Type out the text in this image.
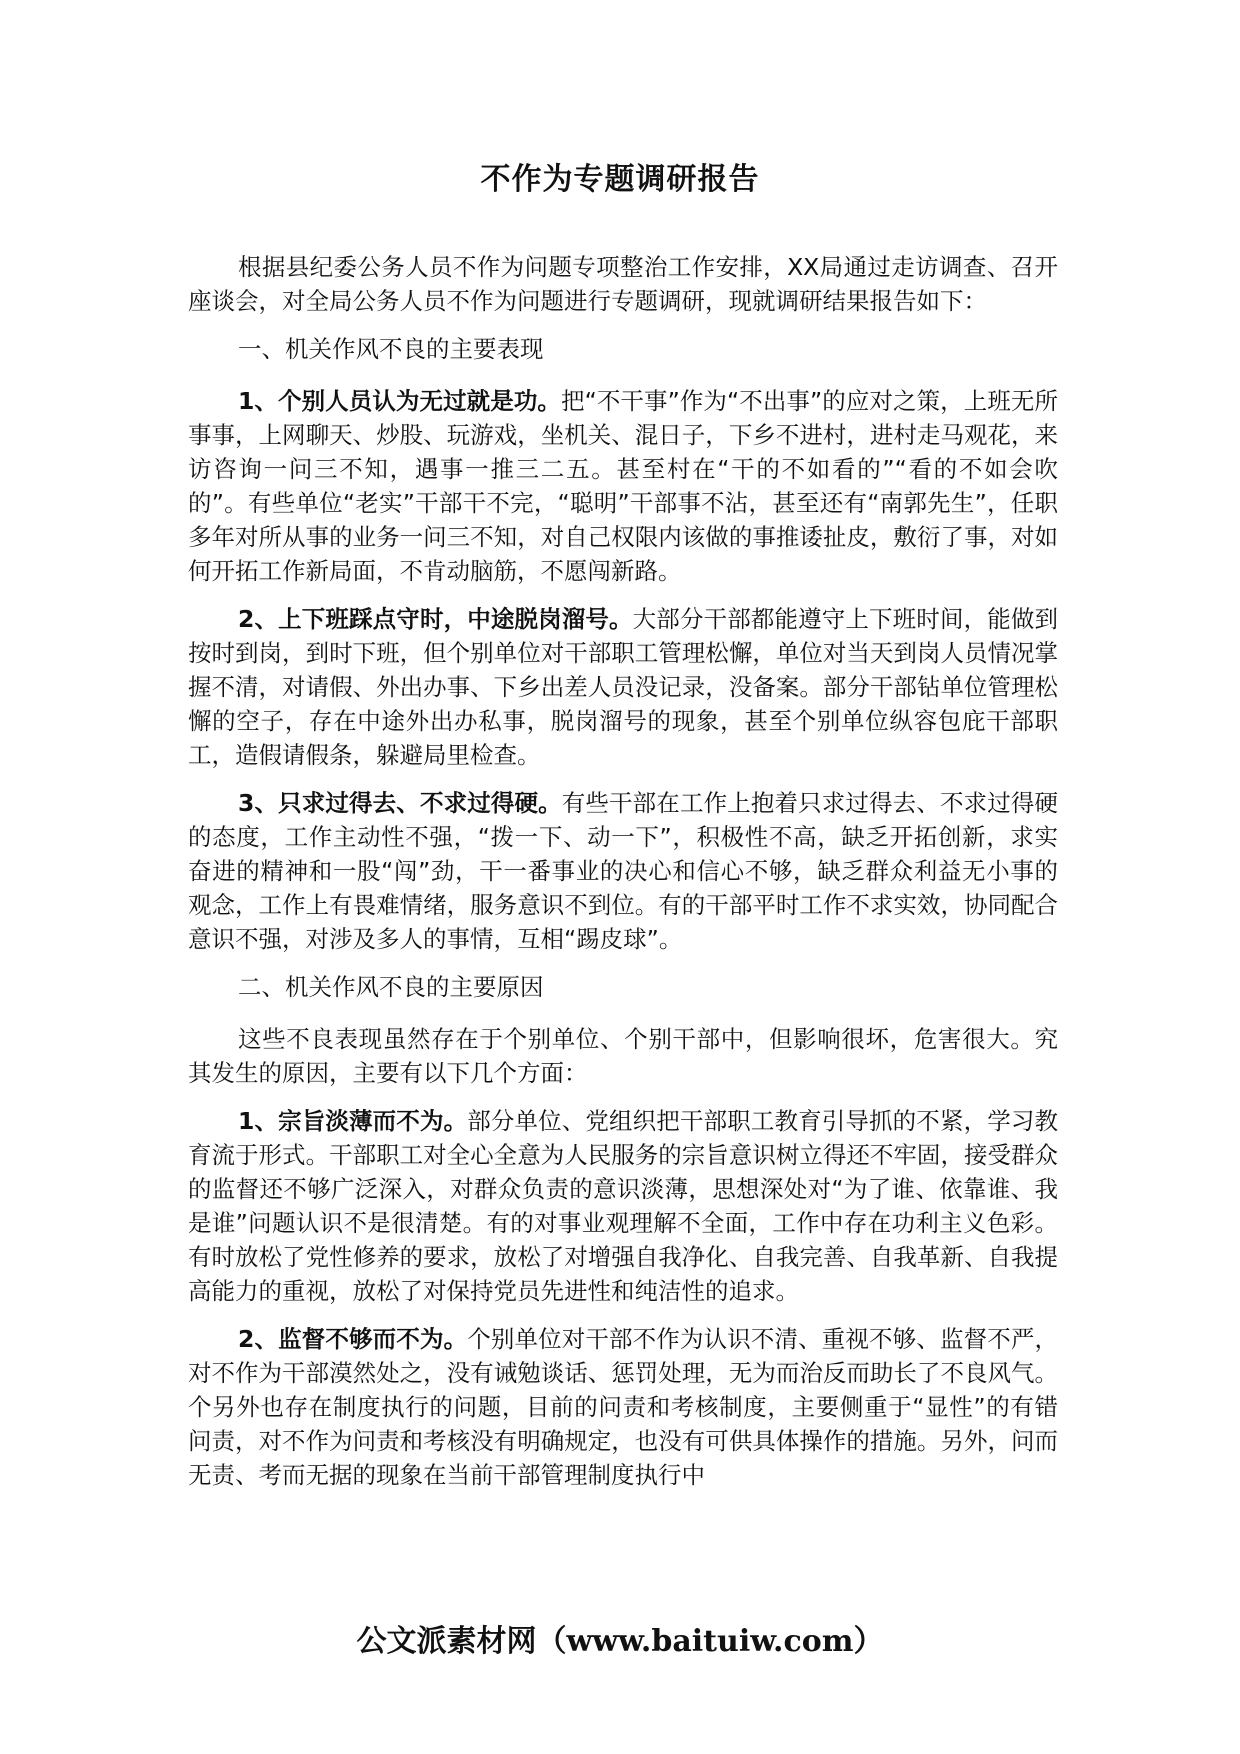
不作为专题调研报告

根据县纪委公务人员不作为问题专项整治工作安排，XX局通过走访调查、召开座谈会，对全局公务人员不作为问题进行专题调研，现就调研结果报告如下：

一、机关作风不良的主要表现

1、个别人员认为无过就是功。把“不干事”作为“不出事”的应对之策，上班无所事事，上网聊天、炒股、玩游戏，坐机关、混日子，下乡不进村，进村走马观花，来访咨询一问三不知，遇事一推三二五。甚至村在“干的不如看的”“看的不如会吹的”。有些单位“老实”干部干不完，“聪明”干部事不沾，甚至还有“南郭先生”，任职多年对所从事的业务一问三不知，对自己权限内该做的事推诿扯皮，敷衍了事，对如何开拓工作新局面，不肯动脑筋，不愿闯新路。

2、上下班踩点守时，中途脱岗溜号。大部分干部都能遵守上下班时间，能做到按时到岗，到时下班，但个别单位对干部职工管理松懈，单位对当天到岗人员情况掌握不清，对请假、外出办事、下乡出差人员没记录，没备案。部分干部钻单位管理松懈的空子，存在中途外出办私事，脱岗溜号的现象，甚至个别单位纵容包庇干部职工，造假请假条，躲避局里检查。

3、只求过得去、不求过得硬。有些干部在工作上抱着只求过得去、不求过得硬的态度，工作主动性不强，“拨一下、动一下”，积极性不高，缺乏开拓创新，求实奋进的精神和一股“闯”劲，干一番事业的决心和信心不够，缺乏群众利益无小事的观念，工作上有畏难情绪，服务意识不到位。有的干部平时工作不求实效，协同配合意识不强，对涉及多人的事情，互相“踢皮球”。

二、机关作风不良的主要原因

这些不良表现虽然存在于个别单位、个别干部中，但影响很坏，危害很大。究其发生的原因，主要有以下几个方面：

1、宗旨淡薄而不为。部分单位、党组织把干部职工教育引导抓的不紧，学习教育流于形式。干部职工对全心全意为人民服务的宗旨意识树立得还不牢固，接受群众的监督还不够广泛深入，对群众负责的意识淡薄，思想深处对“为了谁、依靠谁、我是谁”问题认识不是很清楚。有的对事业观理解不全面，工作中存在功利主义色彩。有时放松了党性修养的要求，放松了对增强自我净化、自我完善、自我革新、自我提高能力的重视，放松了对保持党员先进性和纯洁性的追求。

2、监督不够而不为。个别单位对干部不作为认识不清、重视不够、监督不严，对不作为干部漠然处之，没有诫勉谈话、惩罚处理，无为而治反而助长了不良风气。个另外也存在制度执行的问题，目前的问责和考核制度，主要侧重于“显性”的有错问责，对不作为问责和考核没有明确规定，也没有可供具体操作的措施。另外，问而无责、考而无据的现象在当前干部管理制度执行中

公文派素材网（www.baituiw.com）
